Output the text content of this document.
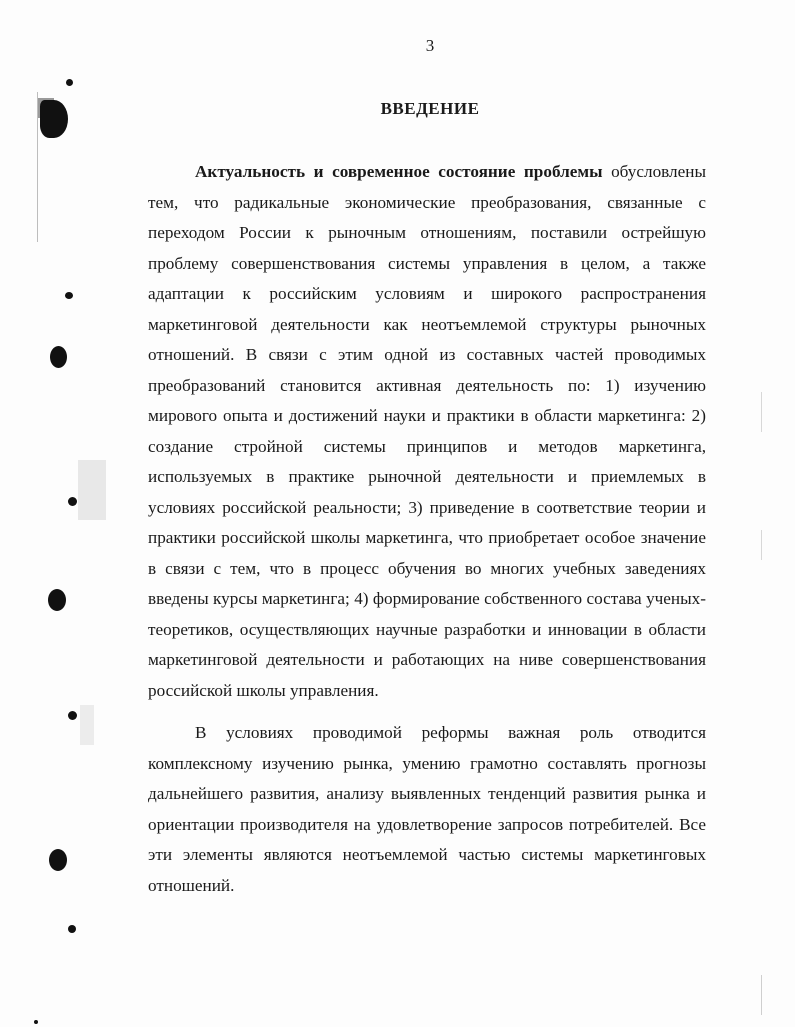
3
ВВЕДЕНИЕ

Актуальность и современное состояние проблемы обусловлены тем, что радикальные экономические преобразования, связанные с переходом России к рыночным отношениям, поставили острейшую проблему совершенствования системы управления в целом, а также адаптации к российским условиям и широкого распространения маркетинговой деятельности как неотъемлемой структуры рыночных отношений. В связи с этим одной из составных частей проводимых преобразований становится активная деятельность по: 1) изучению мирового опыта и достижений науки и практики в области маркетинга: 2) создание стройной системы принципов и методов маркетинга, используемых в практике рыночной деятельности и приемлемых в условиях российской реальности; 3) приведение в соответствие теории и практики российской школы маркетинга, что приобретает особое значение в связи с тем, что в процесс обучения во многих учебных заведениях введены курсы маркетинга; 4) формирование собственного состава ученых-теоретиков, осуществляющих научные разработки и инновации в области маркетинговой деятельности и работающих на ниве совершенствования российской школы управления.

В условиях проводимой реформы важная роль отводится комплексному изучению рынка, умению грамотно составлять прогнозы дальнейшего развития, анализу выявленных тенденций развития рынка и ориентации производителя на удовлетворение запросов потребителей. Все эти элементы являются неотъемлемой частью системы маркетинговых отношений.
